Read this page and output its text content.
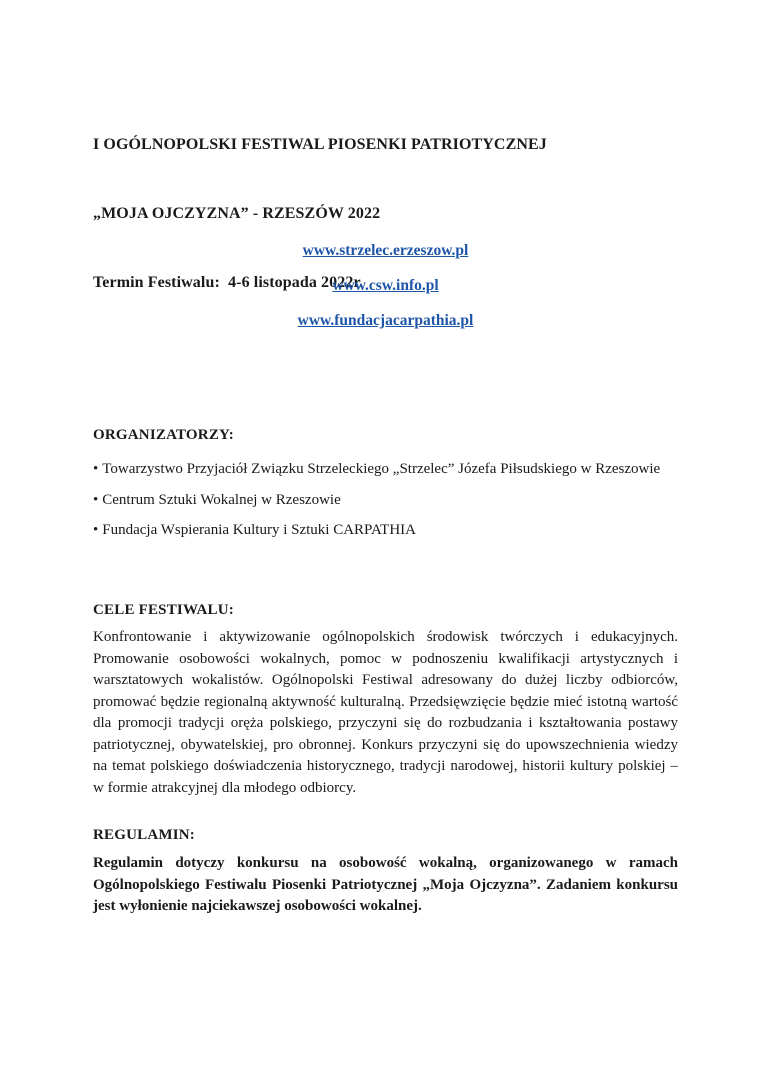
I OGÓLNOPOLSKI FESTIWAL PIOSENKI PATRIOTYCZNEJ

„MOJA OJCZYZNA” - RZESZÓW 2022

Termin Festiwalu:  4-6 listopada 2022r.

www.strzelec.erzeszow.pl
www.csw.info.pl
www.fundacjacarpathia.pl
ORGANIZATORZY:
• Towarzystwo Przyjaciół Związku Strzeleckiego „Strzelec” Józefa Piłsudskiego w Rzeszowie
• Centrum Sztuki Wokalnej w Rzeszowie
• Fundacja Wspierania Kultury i Sztuki CARPATHIA
CELE FESTIWALU:
Konfrontowanie i aktywizowanie ogólnopolskich środowisk twórczych i edukacyjnych. Promowanie osobowości wokalnych, pomoc w podnoszeniu kwalifikacji artystycznych i warsztatowych wokalistów. Ogólnopolski Festiwal adresowany do dużej liczby odbiorców, promować będzie regionalną aktywność kulturalną. Przedsięwzięcie będzie mieć istotną wartość dla promocji tradycji oręża polskiego, przyczyni się do rozbudzania i kształtowania postawy patriotycznej, obywatelskiej, pro obronnej. Konkurs przyczyni się do upowszechnienia wiedzy na temat polskiego doświadczenia historycznego, tradycji narodowej, historii kultury polskiej – w formie atrakcyjnej dla młodego odbiorcy.
REGULAMIN:
Regulamin dotyczy konkursu na osobowość wokalną, organizowanego w ramach Ogólnopolskiego Festiwalu Piosenki Patriotycznej „Moja Ojczyzna”. Zadaniem konkursu jest wyłonienie najciekawszej osobowości wokalnej.
